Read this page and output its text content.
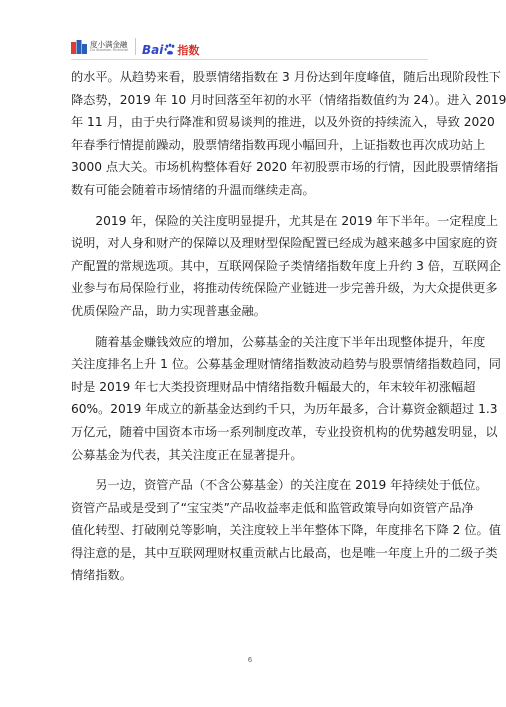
度小满金融
Du Xiaoman Financial Bai 指数
的水平。从趋势来看，股票情绪指数在 3 月份达到年度峰值，随后出现阶段性下
降态势，2019 年 10 月时回落至年初的水平（情绪指数值约为 24）。进入 2019
年 11 月，由于央行降准和贸易谈判的推进，以及外资的持续流入，导致 2020
年春季行情提前躁动，股票情绪指数再现小幅回升，上证指数也再次成功站上
3000 点大关。市场机构整体看好 2020 年初股票市场的行情，因此股票情绪指
数有可能会随着市场情绪的升温而继续走高。
　　2019 年，保险的关注度明显提升，尤其是在 2019 年下半年。一定程度上
说明，对人身和财产的保障以及理财型保险配置已经成为越来越多中国家庭的资
产配置的常规选项。其中，互联网保险子类情绪指数年度上升约 3 倍，互联网企
业参与布局保险行业，将推动传统保险产业链进一步完善升级，为大众提供更多
优质保险产品，助力实现普惠金融。
　　随着基金赚钱效应的增加，公募基金的关注度下半年出现整体提升，年度
关注度排名上升 1 位。公募基金理财情绪指数波动趋势与股票情绪指数趋同，同
时是 2019 年七大类投资理财品中情绪指数升幅最大的，年末较年初涨幅超
60%。2019 年成立的新基金达到约千只，为历年最多，合计募资金额超过 1.3
万亿元，随着中国资本市场一系列制度改革，专业投资机构的优势越发明显，以
公募基金为代表，其关注度正在显著提升。
　　另一边，资管产品（不含公募基金）的关注度在 2019 年持续处于低位。
资管产品或是受到了“宝宝类”产品收益率走低和监管政策导向如资管产品净
值化转型、打破刚兑等影响，关注度较上半年整体下降，年度排名下降 2 位。值
得注意的是，其中互联网理财权重贡献占比最高，也是唯一年度上升的二级子类
情绪指数。
6
